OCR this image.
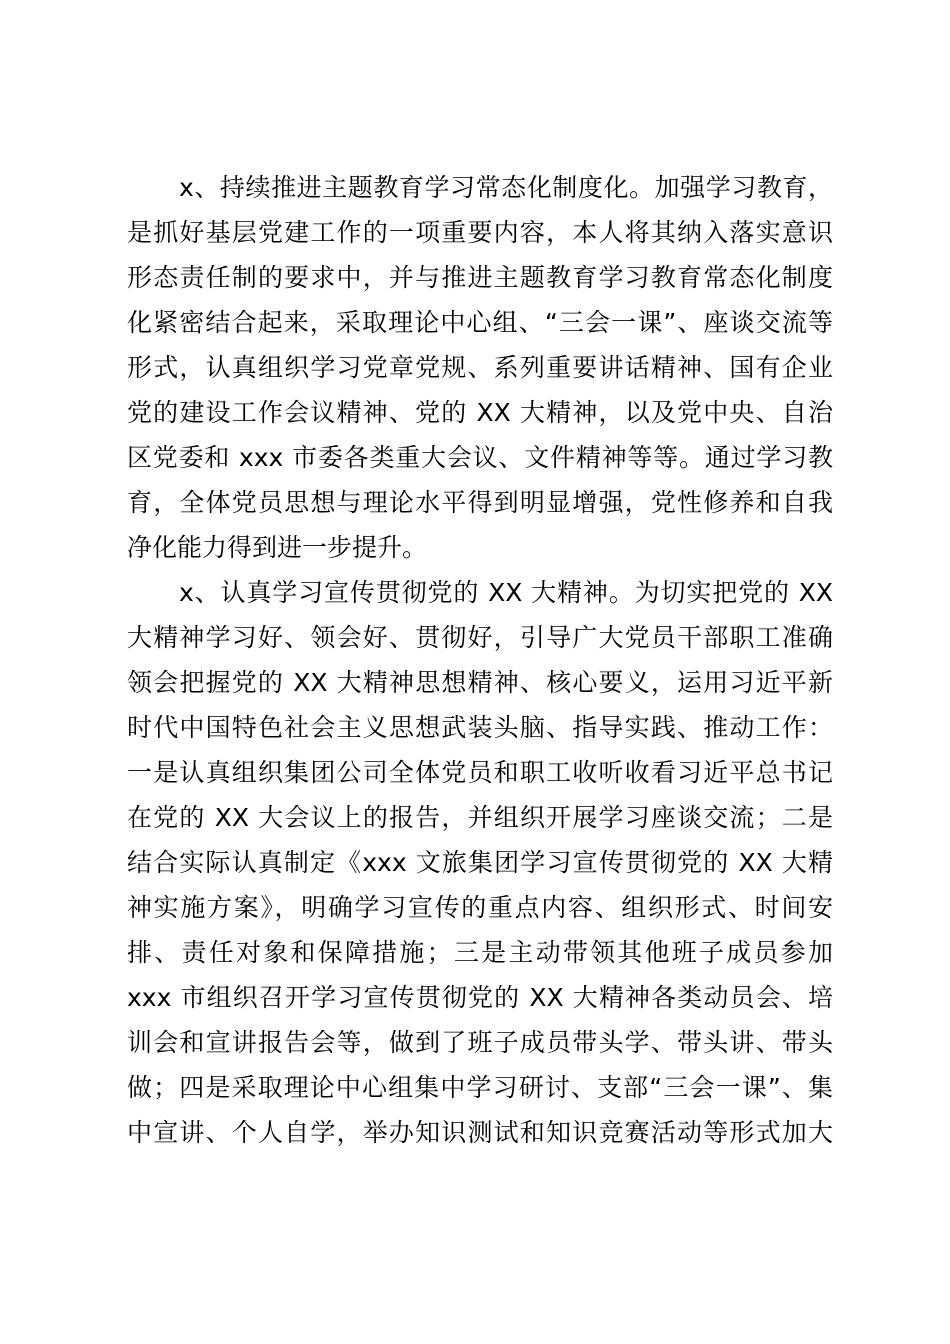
x、持续推进主题教育学习常态化制度化。加强学习教育，
是抓好基层党建工作的一项重要内容，本人将其纳入落实意识
形态责任制的要求中，并与推进主题教育学习教育常态化制度
化紧密结合起来，采取理论中心组、“三会一课”、座谈交流等
形式，认真组织学习党章党规、系列重要讲话精神、国有企业
党的建设工作会议精神、党的 XX 大精神，以及党中央、自治
区党委和 xxx 市委各类重大会议、文件精神等等。通过学习教
育，全体党员思想与理论水平得到明显增强，党性修养和自我
净化能力得到进一步提升。
x、认真学习宣传贯彻党的 XX 大精神。为切实把党的 XX
大精神学习好、领会好、贯彻好，引导广大党员干部职工准确
领会把握党的 XX 大精神思想精神、核心要义，运用习近平新
时代中国特色社会主义思想武装头脑、指导实践、推动工作：
一是认真组织集团公司全体党员和职工收听收看习近平总书记
在党的 XX 大会议上的报告，并组织开展学习座谈交流；二是
结合实际认真制定《xxx 文旅集团学习宣传贯彻党的 XX 大精
神实施方案》，明确学习宣传的重点内容、组织形式、时间安
排、责任对象和保障措施；三是主动带领其他班子成员参加
xxx 市组织召开学习宣传贯彻党的 XX 大精神各类动员会、培
训会和宣讲报告会等，做到了班子成员带头学、带头讲、带头
做；四是采取理论中心组集中学习研讨、支部“三会一课”、集
中宣讲、个人自学，举办知识测试和知识竞赛活动等形式加大
